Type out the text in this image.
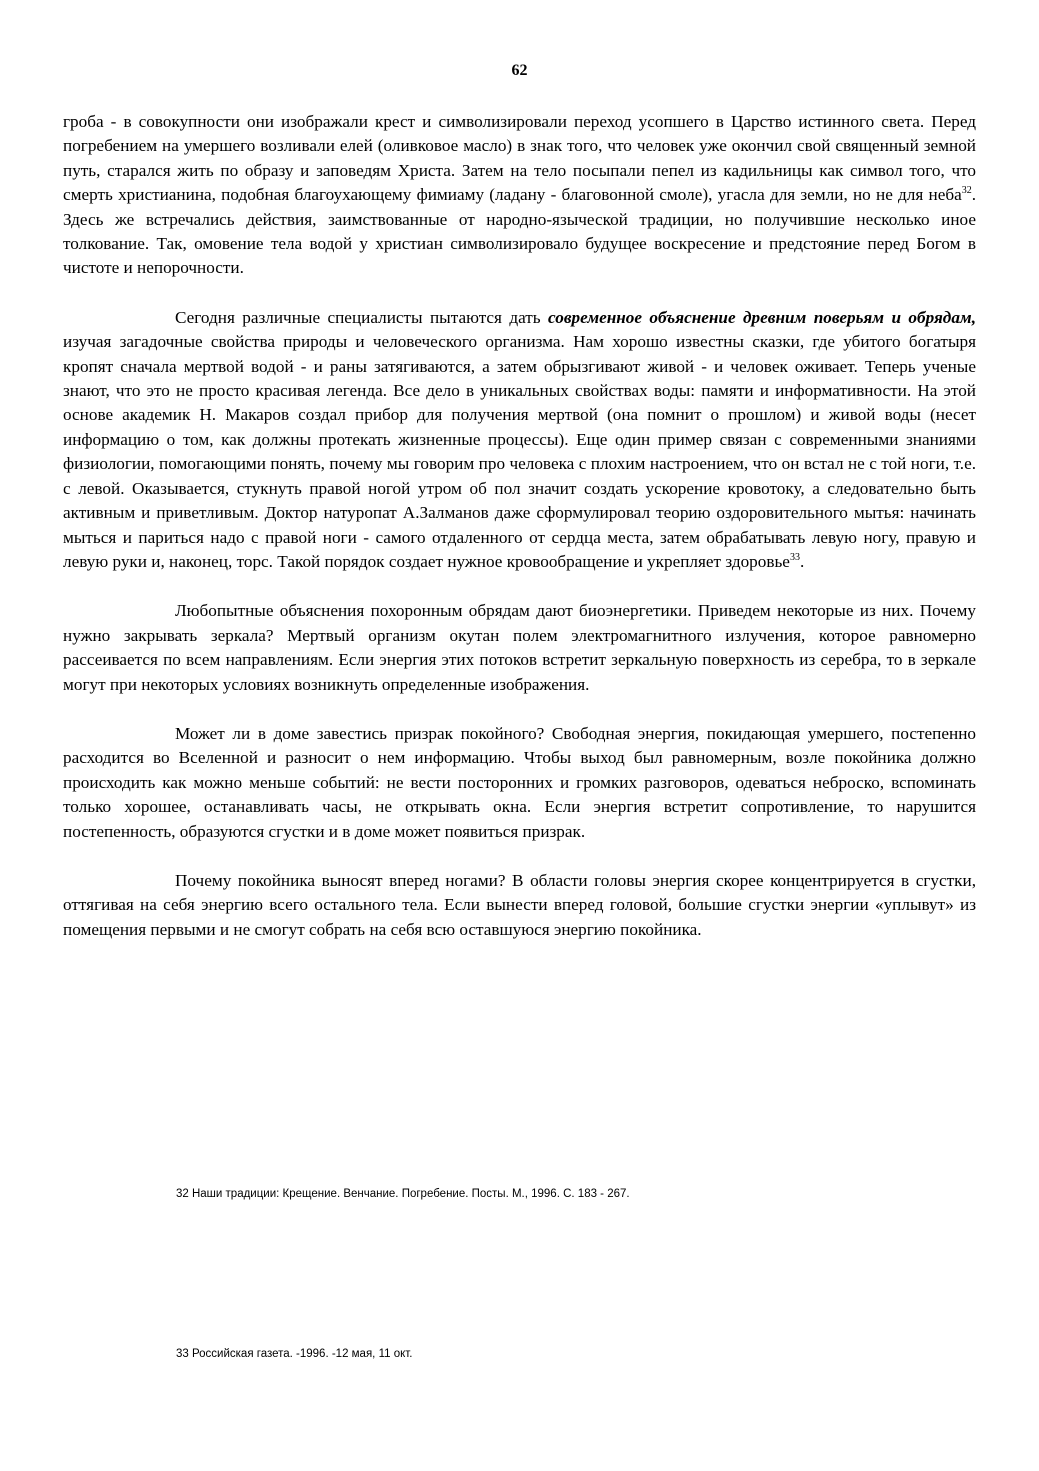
62

гроба - в совокупности они изображали крест и символизировали переход усопшего в Царство истинного света. Перед погребением на умершего возливали елей (оливковое масло) в знак того, что человек уже окончил свой священный земной путь, старался жить по образу и заповедям Христа. Затем на тело посыпали пепел из кадильницы как символ того, что смерть христианина, подобная благоухающему фимиаму (ладану - благовонной смоле), угасла для земли, но не для неба$^{32}$. Здесь же встречались действия, заимствованные от народно-языческой традиции, но получившие несколько иное толкование. Так, омовение тела водой у христиан символизировало будущее воскресение и предстояние перед Богом в чистоте и непорочности.

Сегодня различные специалисты пытаются дать современное объяснение древним поверьям и обрядам, изучая загадочные свойства природы и человеческого организма. Нам хорошо известны сказки, где убитого богатыря кропят сначала мертвой водой - и раны затягиваются, а затем обрызгивают живой - и человек оживает. Теперь ученые знают, что это не просто красивая легенда. Все дело в уникальных свойствах воды: памяти и информативности. На этой основе академик Н. Макаров создал прибор для получения мертвой (она помнит о прошлом) и живой воды (несет информацию о том, как должны протекать жизненные процессы). Еще один пример связан с современными знаниями физиологии, помогающими понять, почему мы говорим про человека с плохим настроением, что он встал не с той ноги, т.е. с левой. Оказывается, стукнуть правой ногой утром об пол значит создать ускорение кровотоку, а следовательно быть активным и приветливым. Доктор натуропат А.Залманов даже сформулировал теорию оздоровительного мытья: начинать мыться и париться надо с правой ноги - самого отдаленного от сердца места, затем обрабатывать левую ногу, правую и левую руки и, наконец, торс. Такой порядок создает нужное кровообращение и укрепляет здоровье$^{33}$.

Любопытные объяснения похоронным обрядам дают биоэнергетики. Приведем некоторые из них. Почему нужно закрывать зеркала? Мертвый организм окутан полем электромагнитного излучения, которое равномерно рассеивается по всем направлениям. Если энергия этих потоков встретит зеркальную поверхность из серебра, то в зеркале могут при некоторых условиях возникнуть определенные изображения.

Может ли в доме завестись призрак покойного? Свободная энергия, покидающая умершего, постепенно расходится во Вселенной и разносит о нем информацию. Чтобы выход был равномерным, возле покойника должно происходить как можно меньше событий: не вести посторонних и громких разговоров, одеваться неброско, вспоминать только хорошее, останавливать часы, не открывать окна. Если энергия встретит сопротивление, то нарушится постепенность, образуются сгустки и в доме может появиться призрак.

Почему покойника выносят вперед ногами? В области головы энергия скорее концентрируется в сгустки, оттягивая на себя энергию всего остального тела. Если вынести вперед головой, большие сгустки энергии «уплывут» из помещения первыми и не смогут собрать на себя всю оставшуюся энергию покойника.

32 Наши традиции: Крещение. Венчание. Погребение. Посты. М., 1996. С. 183 - 267.

33 Российская газета. -1996. -12 мая, 11 окт.
